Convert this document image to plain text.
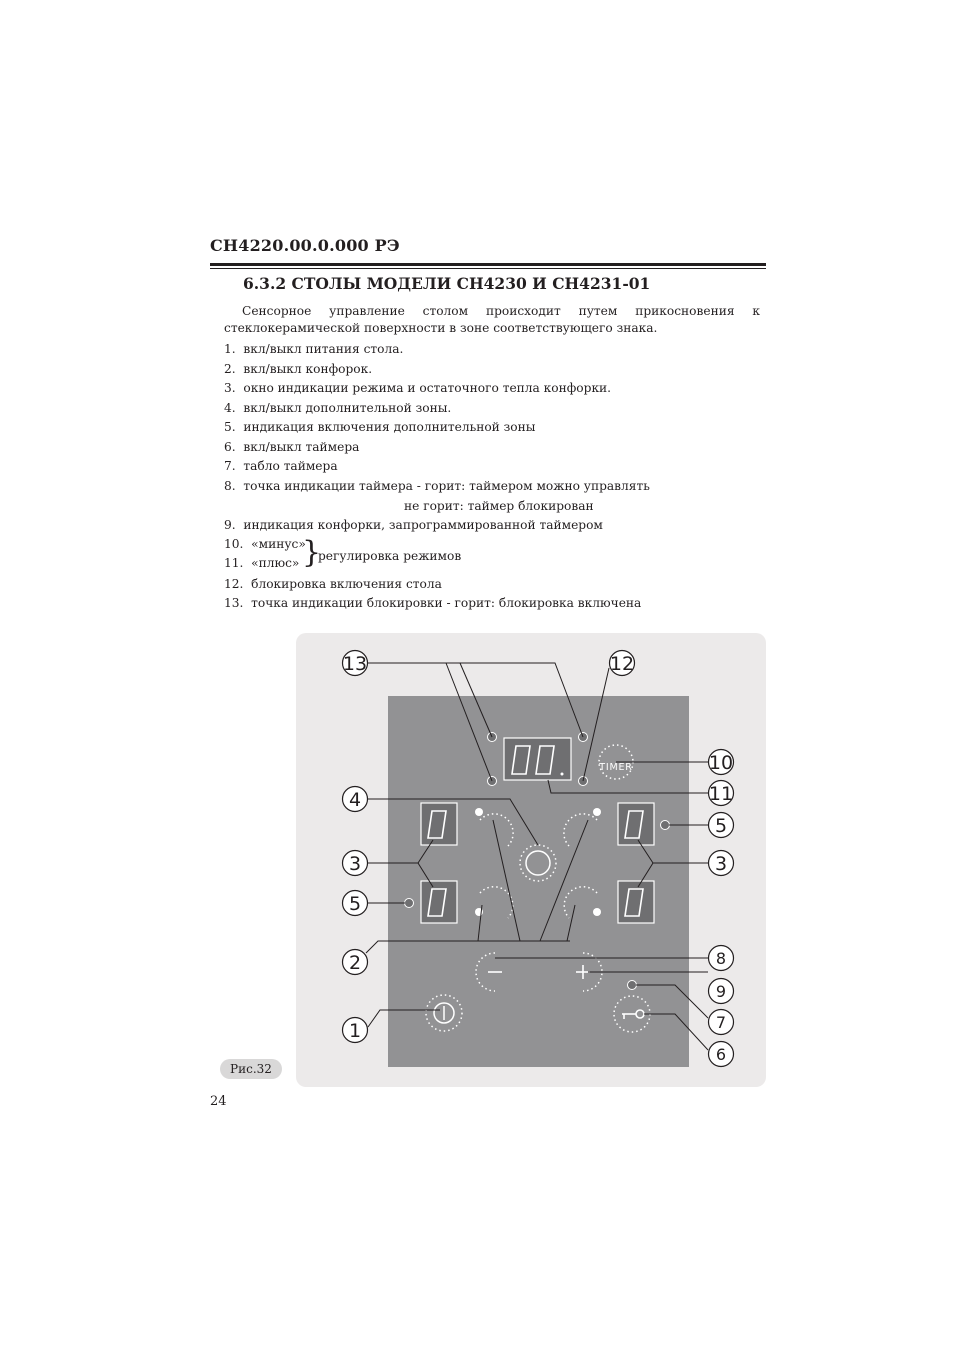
СН4220.00.0.000 РЭ
6.3.2 СТОЛЫ МОДЕЛИ СН4230 И СН4231-01
Сенсорное управление столом происходит путем прикосновения к стеклокерамической поверхности в зоне соответствующего знака.
1. вкл/выкл питания стола.
2. вкл/выкл конфорок.
3. окно индикации режима и остаточного тепла конфорки.
4. вкл/выкл дополнительной зоны.
5. индикация включения дополнительной зоны
6. вкл/выкл таймера
7. табло таймера
8. точка индикации таймера - горит: таймером можно управлять
9. индикация конфорки, запрограммированной таймером
10. «минус»
11. «плюс»
12. блокировка включения стола
13. точка индикации блокировки - горит: блокировка включена
не горит: таймер блокирован
}
регулировка режимов
TIMER
13	12
10
11
4
5
3	3
5
2	8
9
7
1
6
Рис.32
24
